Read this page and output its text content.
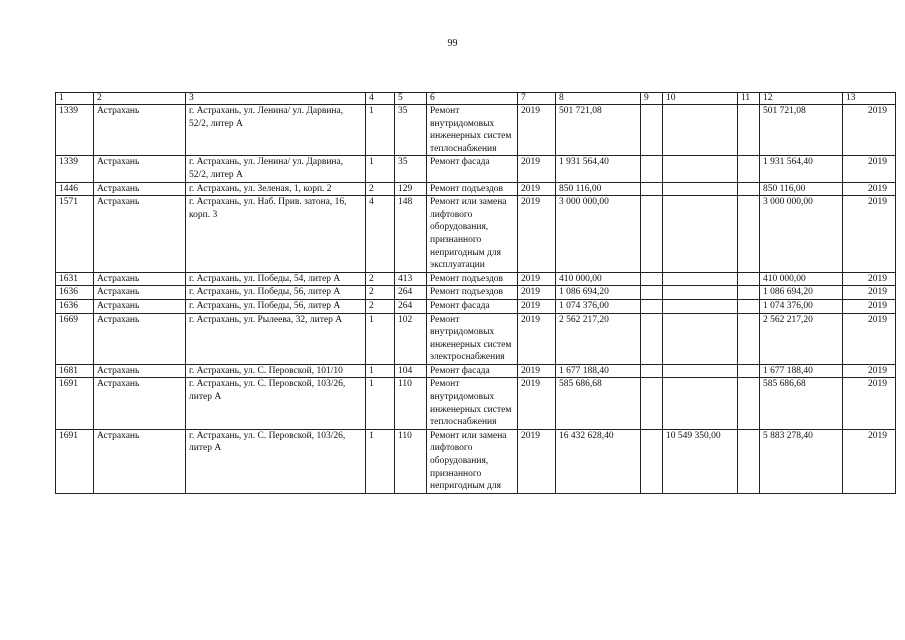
99
1	2	3	4	5	6	7	8	9	10	11	12	13
1339	Астрахань	г. Астрахань, ул. Ленина/ ул. Дарвина, 52/2, литер А	1	35	Ремонт внутридомовых инженерных систем теплоснабжения	2019	501 721,08				501 721,08	2019
1339	Астрахань	г. Астрахань, ул. Ленина/ ул. Дарвина, 52/2, литер А	1	35	Ремонт фасада	2019	1 931 564,40				1 931 564,40	2019
1446	Астрахань	г. Астрахань, ул. Зеленая, 1, корп. 2	2	129	Ремонт подъездов	2019	850 116,00				850 116,00	2019
1571	Астрахань	г. Астрахань, ул. Наб. Прив. затона, 16, корп. 3	4	148	Ремонт или замена лифтового оборудования, признанного непригодным для эксплуатации	2019	3 000 000,00				3 000 000,00	2019
1631	Астрахань	г. Астрахань, ул. Победы, 54, литер А	2	413	Ремонт подъездов	2019	410 000,00				410 000,00	2019
1636	Астрахань	г. Астрахань, ул. Победы, 56, литер А	2	264	Ремонт подъездов	2019	1 086 694,20				1 086 694,20	2019
1636	Астрахань	г. Астрахань, ул. Победы, 56, литер А	2	264	Ремонт фасада	2019	1 074 376,00				1 074 376,00	2019
1669	Астрахань	г. Астрахань, ул. Рылеева, 32, литер А	1	102	Ремонт внутридомовых инженерных систем электроснабжения	2019	2 562 217,20				2 562 217,20	2019
1681	Астрахань	г. Астрахань, ул. С. Перовской, 101/10	1	104	Ремонт фасада	2019	1 677 188,40				1 677 188,40	2019
1691	Астрахань	г. Астрахань, ул. С. Перовской, 103/26, литер А	1	110	Ремонт внутридомовых инженерных систем теплоснабжения	2019	585 686,68				585 686,68	2019
1691	Астрахань	г. Астрахань, ул. С. Перовской, 103/26, литер А	1	110	Ремонт или замена лифтового оборудования, признанного непригодным для	2019	16 432 628,40		10 549 350,00		5 883 278,40	2019
